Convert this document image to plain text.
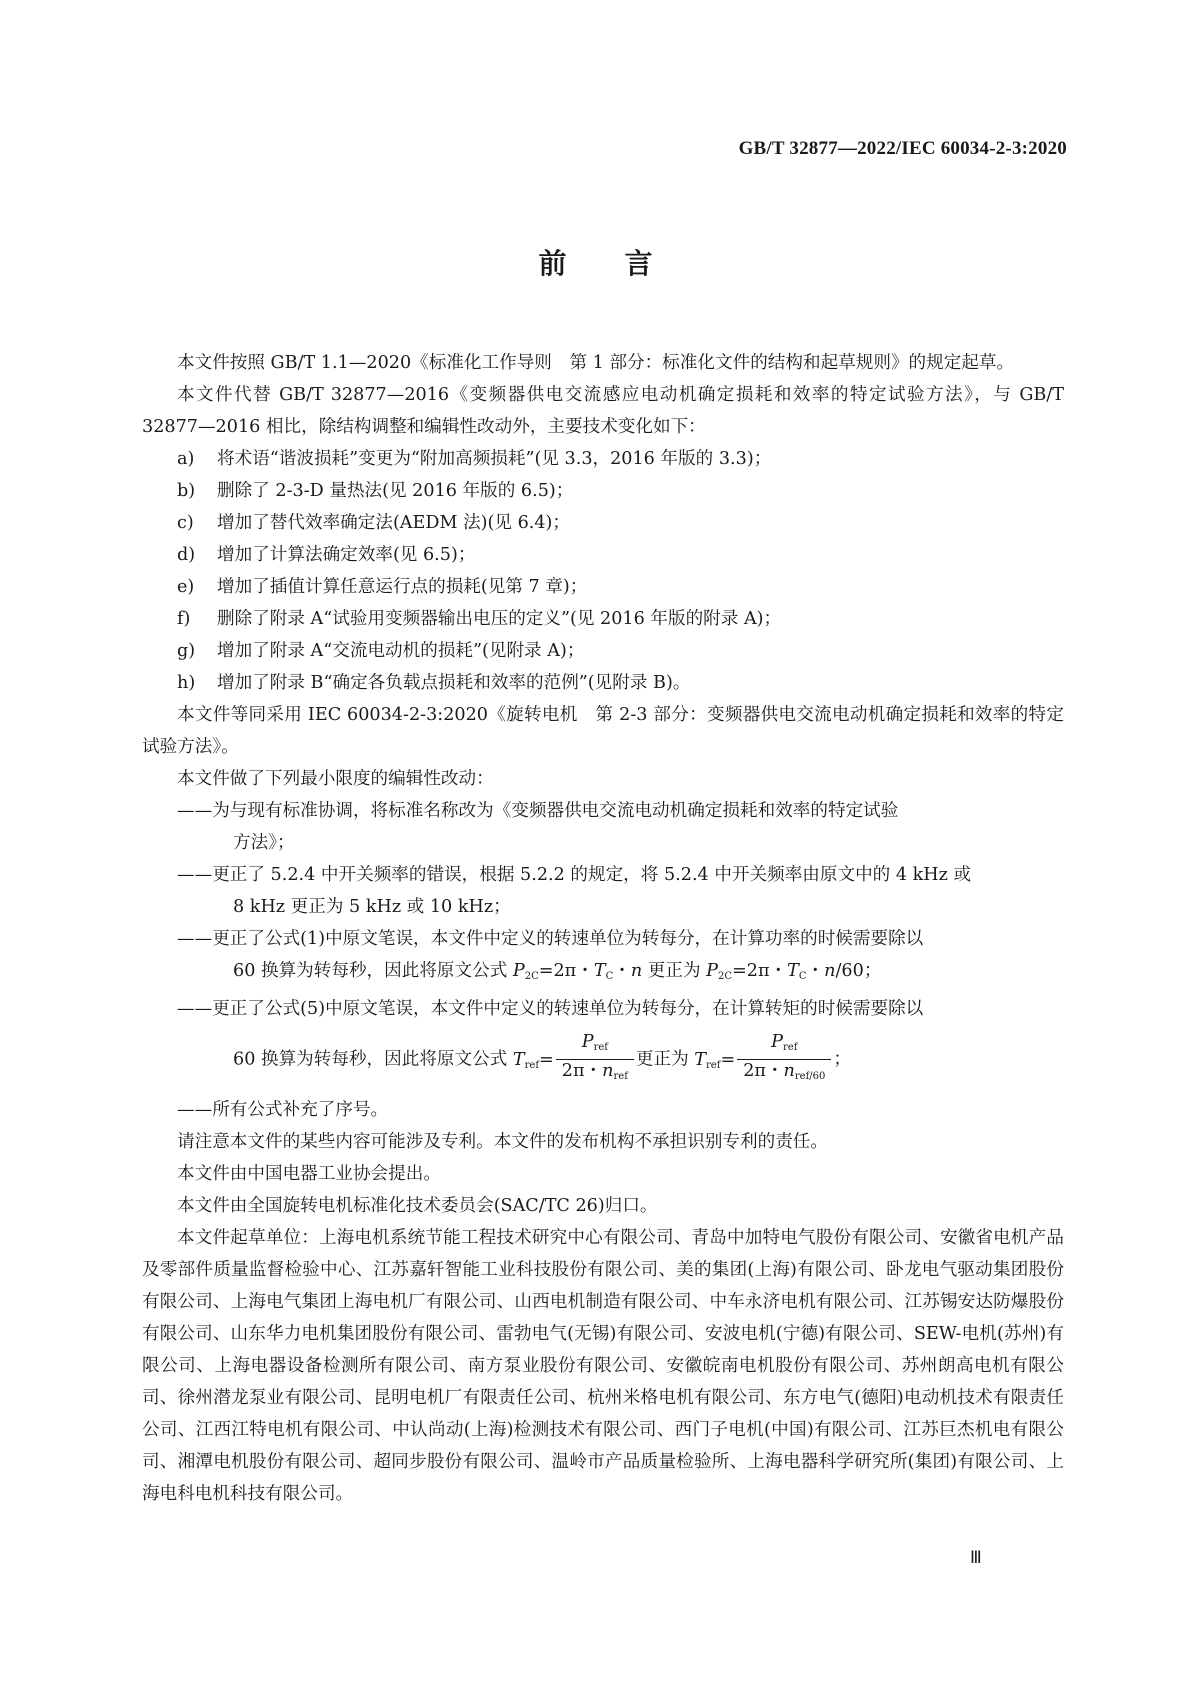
GB/T 32877—2022/IEC 60034-2-3:2020
前言

本文件按照 GB/T 1.1—2020《标准化工作导则　第 1 部分：标准化文件的结构和起草规则》的规定起草。

本文件代替 GB/T 32877—2016《变频器供电交流感应电动机确定损耗和效率的特定试验方法》，与 GB/T 32877—2016 相比，除结构调整和编辑性改动外，主要技术变化如下：

a) 将术语“谐波损耗”变更为“附加高频损耗”(见 3.3，2016 年版的 3.3)；

b) 删除了 2-3-D 量热法(见 2016 年版的 6.5)；

c) 增加了替代效率确定法(AEDM 法)(见 6.4)；

d) 增加了计算法确定效率(见 6.5)；

e) 增加了插值计算任意运行点的损耗(见第 7 章)；

f) 删除了附录 A“试验用变频器输出电压的定义”(见 2016 年版的附录 A)；

g) 增加了附录 A“交流电动机的损耗”(见附录 A)；

h) 增加了附录 B“确定各负载点损耗和效率的范例”(见附录 B)。

本文件等同采用 IEC 60034-2-3:2020《旋转电机　第 2-3 部分：变频器供电交流电动机确定损耗和效率的特定试验方法》。

本文件做了下列最小限度的编辑性改动：

——为与现有标准协调，将标准名称改为《变频器供电交流电动机确定损耗和效率的特定试验
方法》；

——更正了 5.2.4 中开关频率的错误，根据 5.2.2 的规定，将 5.2.4 中开关频率由原文中的 4 kHz 或
8 kHz 更正为 5 kHz 或 10 kHz；

——更正了公式(1)中原文笔误，本文件中定义的转速单位为转每分，在计算功率的时候需要除以
60 换算为转每秒，因此将原文公式 $P_{2C}=2\pi$・$T_C$・n 更正为 $P_{2C}=2\pi$・$T_C$・n/60；

——更正了公式(5)中原文笔误，本文件中定义的转速单位为转每分，在计算转矩的时候需要除以

60 换算为转每秒，因此将原文公式 $T_{ref}= \frac{P_{ref}}{2\pi・n_{ref}}$ 更正为 $T_{ref}= \frac{P_{ref}}{2\pi・n_{ref/60}}$ ；

——所有公式补充了序号。

请注意本文件的某些内容可能涉及专利。本文件的发布机构不承担识别专利的责任。

本文件由中国电器工业协会提出。

本文件由全国旋转电机标准化技术委员会(SAC/TC 26)归口。

本文件起草单位：上海电机系统节能工程技术研究中心有限公司、青岛中加特电气股份有限公司、安徽省电机产品及零部件质量监督检验中心、江苏嘉轩智能工业科技股份有限公司、美的集团(上海)有限公司、卧龙电气驱动集团股份有限公司、上海电气集团上海电机厂有限公司、山西电机制造有限公司、中车永济电机有限公司、江苏锡安达防爆股份有限公司、山东华力电机集团股份有限公司、雷勃电气(无锡)有限公司、安波电机(宁德)有限公司、SEW-电机(苏州)有限公司、上海电器设备检测所有限公司、南方泵业股份有限公司、安徽皖南电机股份有限公司、苏州朗高电机有限公司、徐州潜龙泵业有限公司、昆明电机厂有限责任公司、杭州米格电机有限公司、东方电气(德阳)电动机技术有限责任公司、江西江特电机有限公司、中认尚动(上海)检测技术有限公司、西门子电机(中国)有限公司、江苏巨杰机电有限公司、湘潭电机股份有限公司、超同步股份有限公司、温岭市产品质量检验所、上海电器科学研究所(集团)有限公司、上海电科电机科技有限公司。

Ⅲ
